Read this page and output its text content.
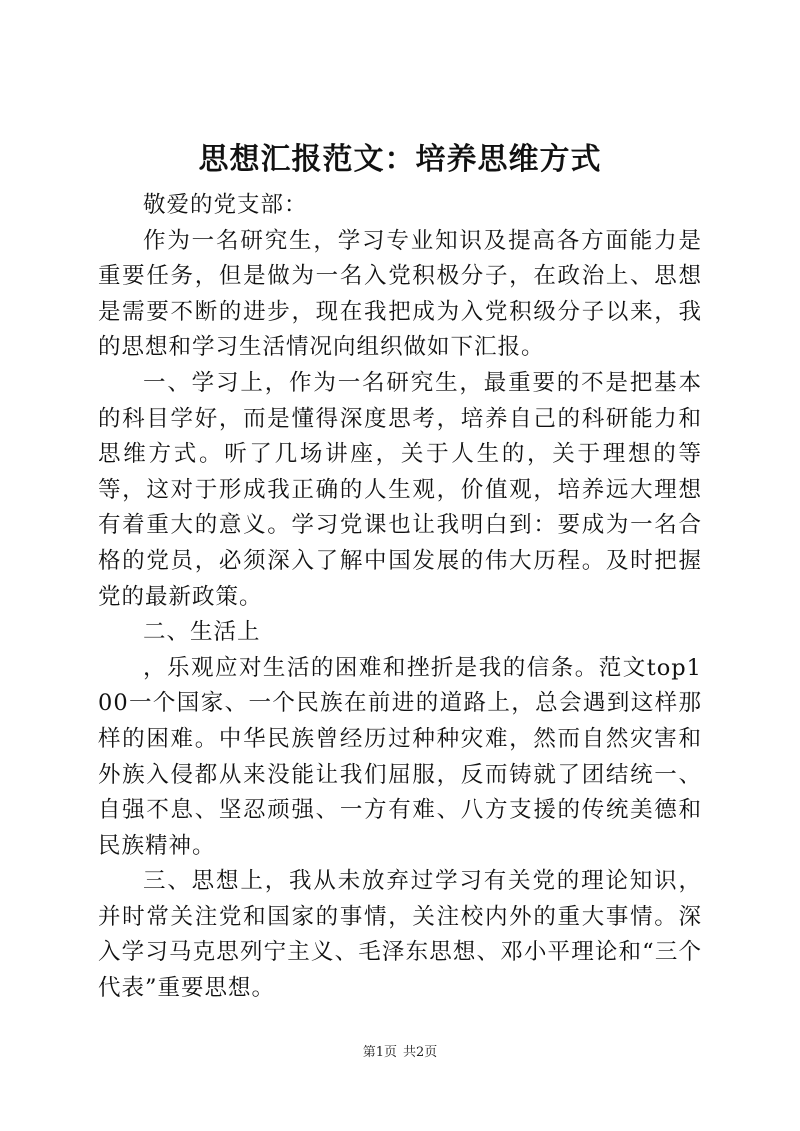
思想汇报范文：培养思维方式

敬爱的党支部：

作为一名研究生，学习专业知识及提高各方面能力是重要任务，但是做为一名入党积极分子，在政治上、思想是需要不断的进步，现在我把成为入党积级分子以来，我的思想和学习生活情况向组织做如下汇报。

一、学习上，作为一名研究生，最重要的不是把基本的科目学好，而是懂得深度思考，培养自己的科研能力和思维方式。听了几场讲座，关于人生的，关于理想的等等，这对于形成我正确的人生观，价值观，培养远大理想有着重大的意义。学习党课也让我明白到：要成为一名合格的党员，必须深入了解中国发展的伟大历程。及时把握党的最新政策。

二、生活上

，乐观应对生活的困难和挫折是我的信条。范文top100一个国家、一个民族在前进的道路上，总会遇到这样那样的困难。中华民族曾经历过种种灾难，然而自然灾害和外族入侵都从来没能让我们屈服，反而铸就了团结统一、自强不息、坚忍顽强、一方有难、八方支援的传统美德和民族精神。

三、思想上，我从未放弃过学习有关党的理论知识，并时常关注党和国家的事情，关注校内外的重大事情。深入学习马克思列宁主义、毛泽东思想、邓小平理论和“三个代表”重要思想。

第1页 共2页
